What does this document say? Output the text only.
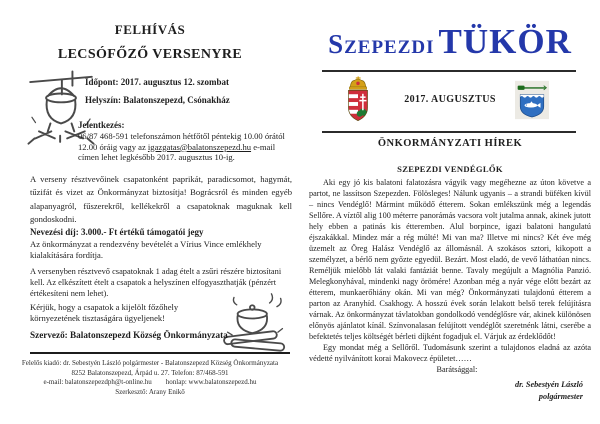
FELHÍVÁS
LECSÓFŐZŐ VERSENYRE
Időpont: 2017. augusztus 12. szombat
Helyszín: Balatonszepezd, Csónakház
Jelentkezés:
06/87 468-591 telefonszámon hétfőtől péntekig 10.00 órától 12.00 óráig vagy az igazgatas@balatonszepezd.hu e-mail címen lehet legkésőbb 2017. augusztus 10-ig.
A verseny résztvevőinek csapatonként paprikát, paradicsomot, hagymát, tűzifát és vizet az Önkormányzat biztosítja! Bográcsról és minden egyéb alapanyagról, fűszerekről, kellékekről a csapatoknak maguknak kell gondoskodni.
Nevezési díj: 3.000.- Ft értékű támogatói jegy
Az önkormányzat a rendezvény bevételét a Vírius Vince emlékhely kialakítására fordítja.
A versenyben résztvevő csapatoknak 1 adag ételt a zsűri részére biztosítani kell. Az elkészített ételt a csapatok a helyszínen elfogyaszthatják (pénzért értékesíteni nem lehet).
Kérjük, hogy a csapatok a kijelölt főzőhely környezetének tisztaságára ügyeljenek!
Szervező: Balatonszepezd Község Önkormányzata
Felelős kiadó: dr. Sebestyén László polgármester - Balatonszepezd Község Önkormányzata
8252 Balatonszepezd, Árpád u. 27. Telefon: 87/468-591
e-mail: balatonszepezdph@t-online.hu honlap: www.balatonszepezd.hu
Szerkesztő: Arany Enikő
Szepezdi TÜKÖR
2017. AUGUSZTUS
ÖNKORMÁNYZATI HÍREK
SZEPEZDI VENDÉGLŐK

Aki egy jó kis balatoni falatozásra vágyik vagy megéhezne az úton követve a partot, ne lassítson Szepezden. Fölösleges! Nálunk ugyanis – a strandi büféken kívül – nincs Vendéglő! Mármint működő étterem. Sokan emlékszünk még a legendás Sellőre. A víztől alig 100 méterre panorámás vacsora volt jutalma annak, akinek jutott hely ebben a patinás kis étteremben. Alul borpince, igazi balatoni hangulatú éjszakákkal. Mindez már a rég múlté! Mi van ma? Illetve mi nincs? Két éve még üzemelt az Öreg Halász Vendéglő az állomásnál. A szokásos sztori, kikopott a személyzet, a bérlő nem győzte egyedül. Bezárt. Most eladó, de vevő láthatóan nincs. Reméljük mielőbb lát valaki fantáziát benne. Tavaly megújult a Magnólia Panzió. Melegkonyhával, mindenki nagy örömére! Azonban még a nyár vége előtt bezárt az étterem, munkaerőhiány okán. Mi van még? Önkormányzati tulajdonú étterem a parton az Aranyhíd. Csakhogy. A hosszú évek során lelakott belső terek felújításra várnak. Az önkormányzat távlatokban gondolkodó vendéglősre vár, akinek különösen előnyös ajánlatot kínál. Színvonalasan felújított vendéglőt szeretnénk látni, cserébe a befektetés teljes költségét bérleti díjként fogadjuk el. Várjuk az érdeklődőt!

Egy mondat még a Sellőről. Tudomásunk szerint a tulajdonos eladná az azóta védetté nyilvánított korai Makovecz épületet……

Barátsággal:

dr. Sebestyén László
polgármester
